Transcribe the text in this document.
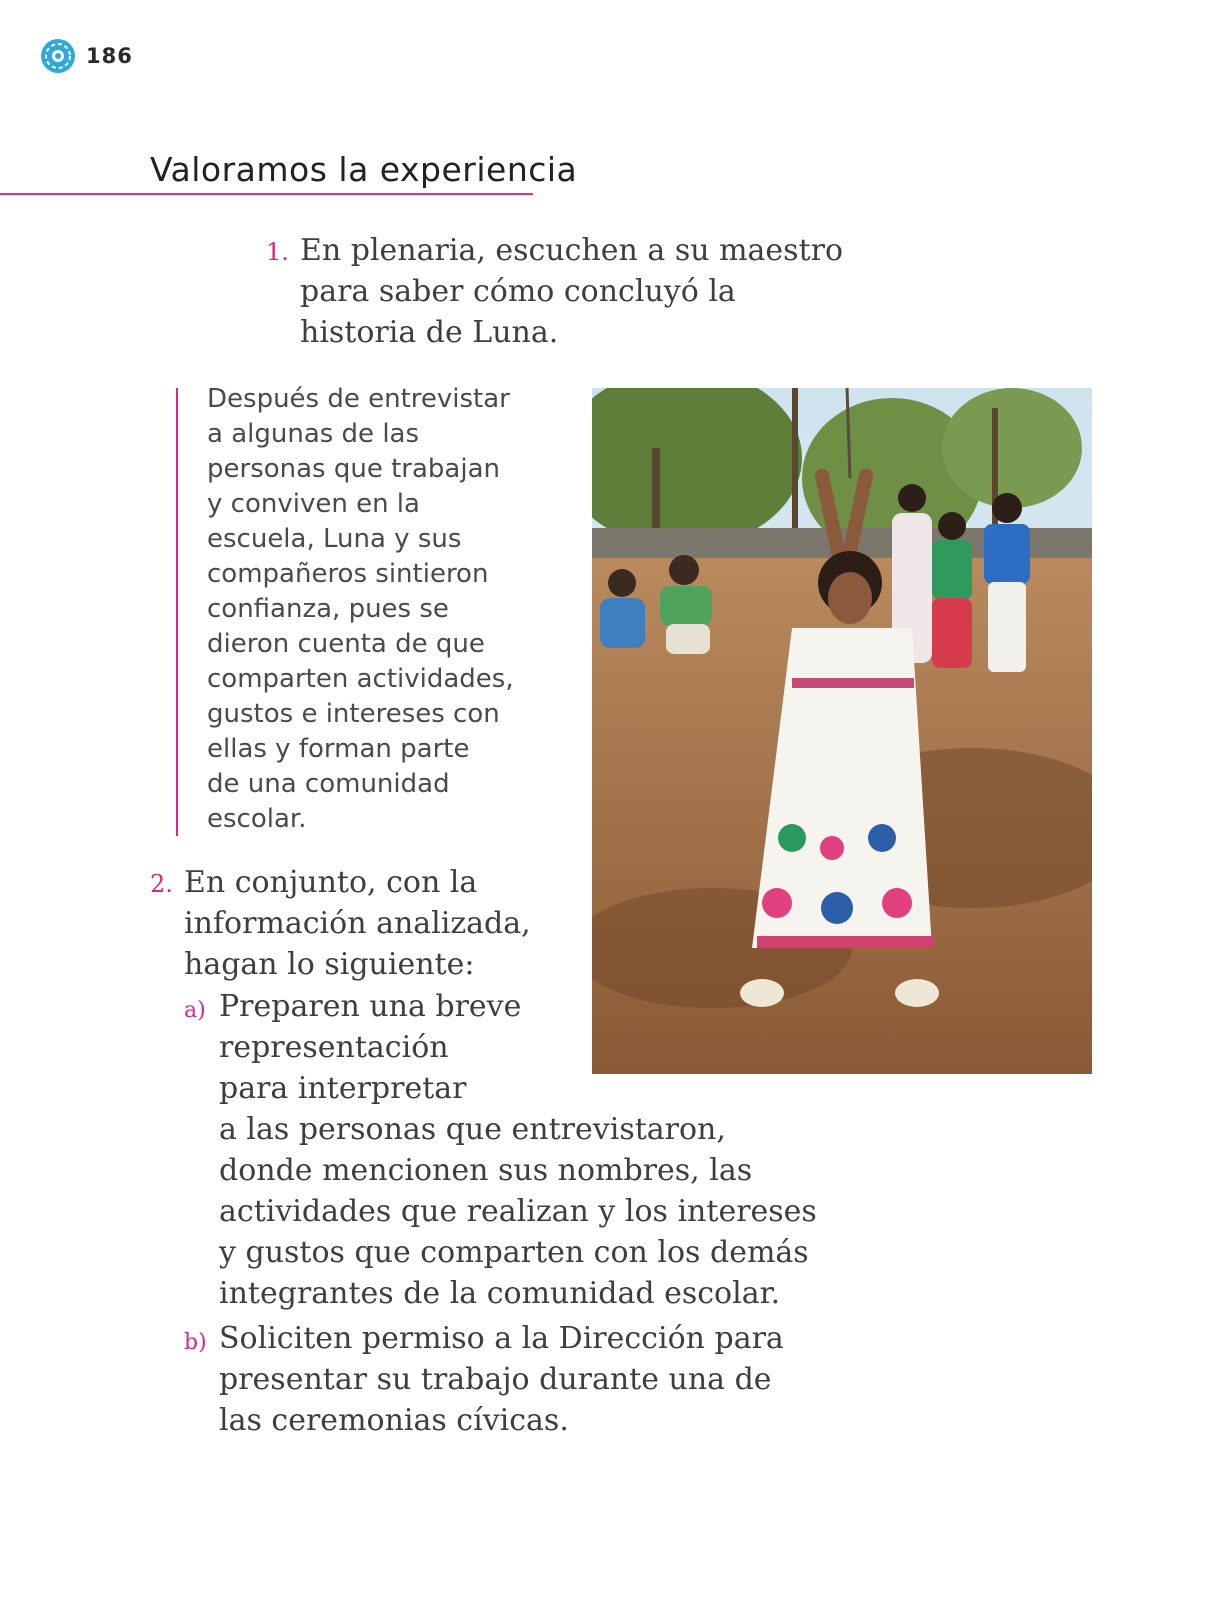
186
Valoramos la experiencia
1. En plenaria, escuchen a su maestro
para saber cómo concluyó la
historia de Luna.
Después de entrevistar
a algunas de las
personas que trabajan
y conviven en la
escuela, Luna y sus
compañeros sintieron
confianza, pues se
dieron cuenta de que
comparten actividades,
gustos e intereses con
ellas y forman parte
de una comunidad
escolar.
2. En conjunto, con la
información analizada,
hagan lo siguiente:
a) Preparen una breve
representación
para interpretar
a las personas que entrevistaron,
donde mencionen sus nombres, las
actividades que realizan y los intereses
y gustos que comparten con los demás
integrantes de la comunidad escolar.
b) Soliciten permiso a la Dirección para
presentar su trabajo durante una de
las ceremonias cívicas.
